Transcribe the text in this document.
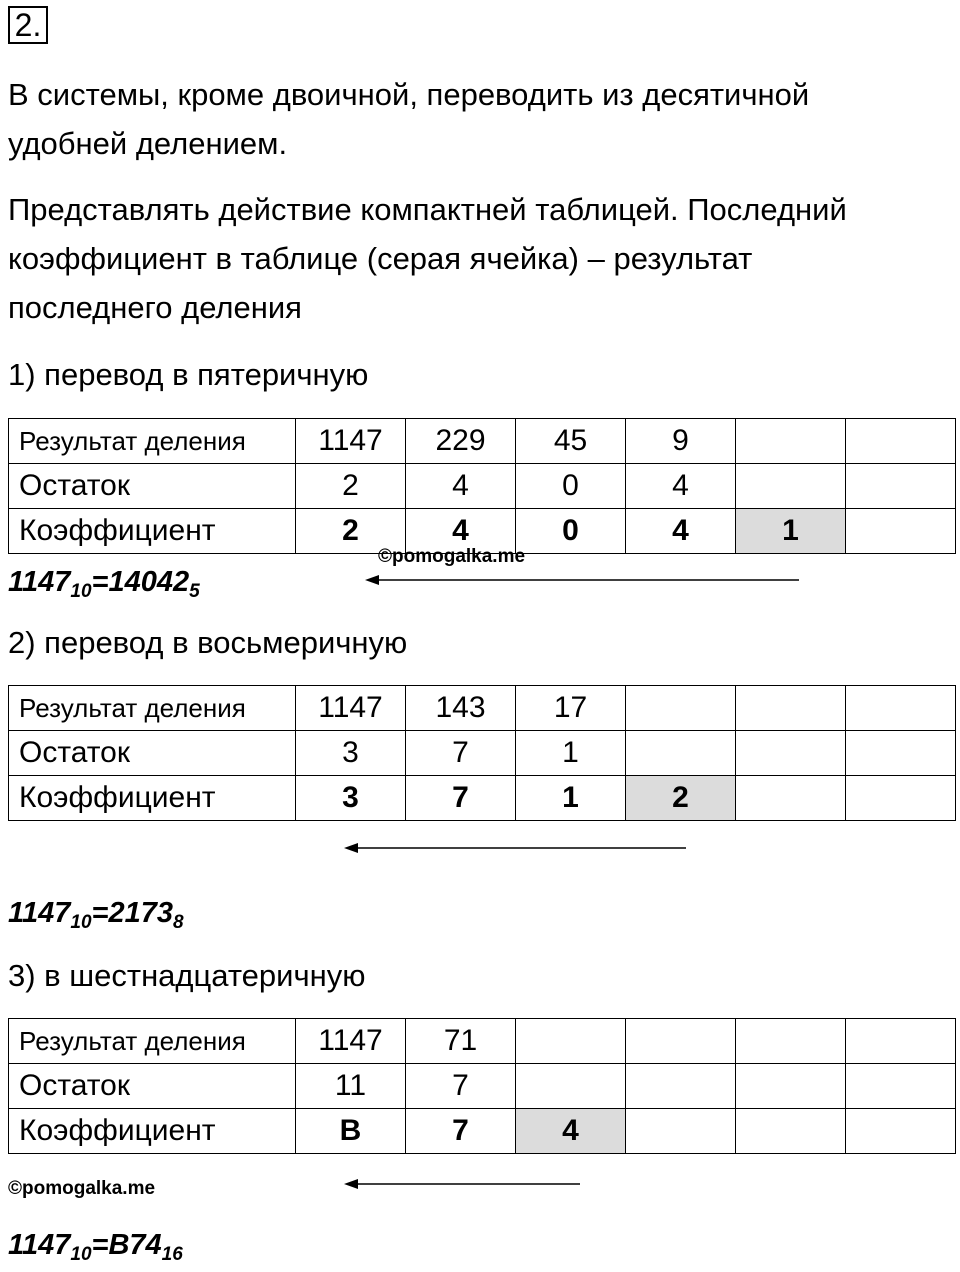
2.

В системы, кроме двоичной, переводить из десятичной
удобней делением.

Представлять действие компактней таблицей. Последний
коэффициент в таблице (серая ячейка) – результат
последнего деления

1) перевод в пятеричную
Результат деления	1147	229	45	9		
Остаток	2	4	0	4		
Коэффициент	2	4	0	4	1	
©pomogalka.me
$1147_{10}=14042_5$
2) перевод в восьмеричную
Результат деления	1147	143	17			
Остаток	3	7	1			
Коэффициент	3	7	1	2		
$1147_{10}=2173_8$
3) в шестнадцатеричную
Результат деления	1147	71				
Остаток	11	7				
Коэффициент	B	7	4			
©pomogalka.me
$1147_{10}=B74_{16}$
